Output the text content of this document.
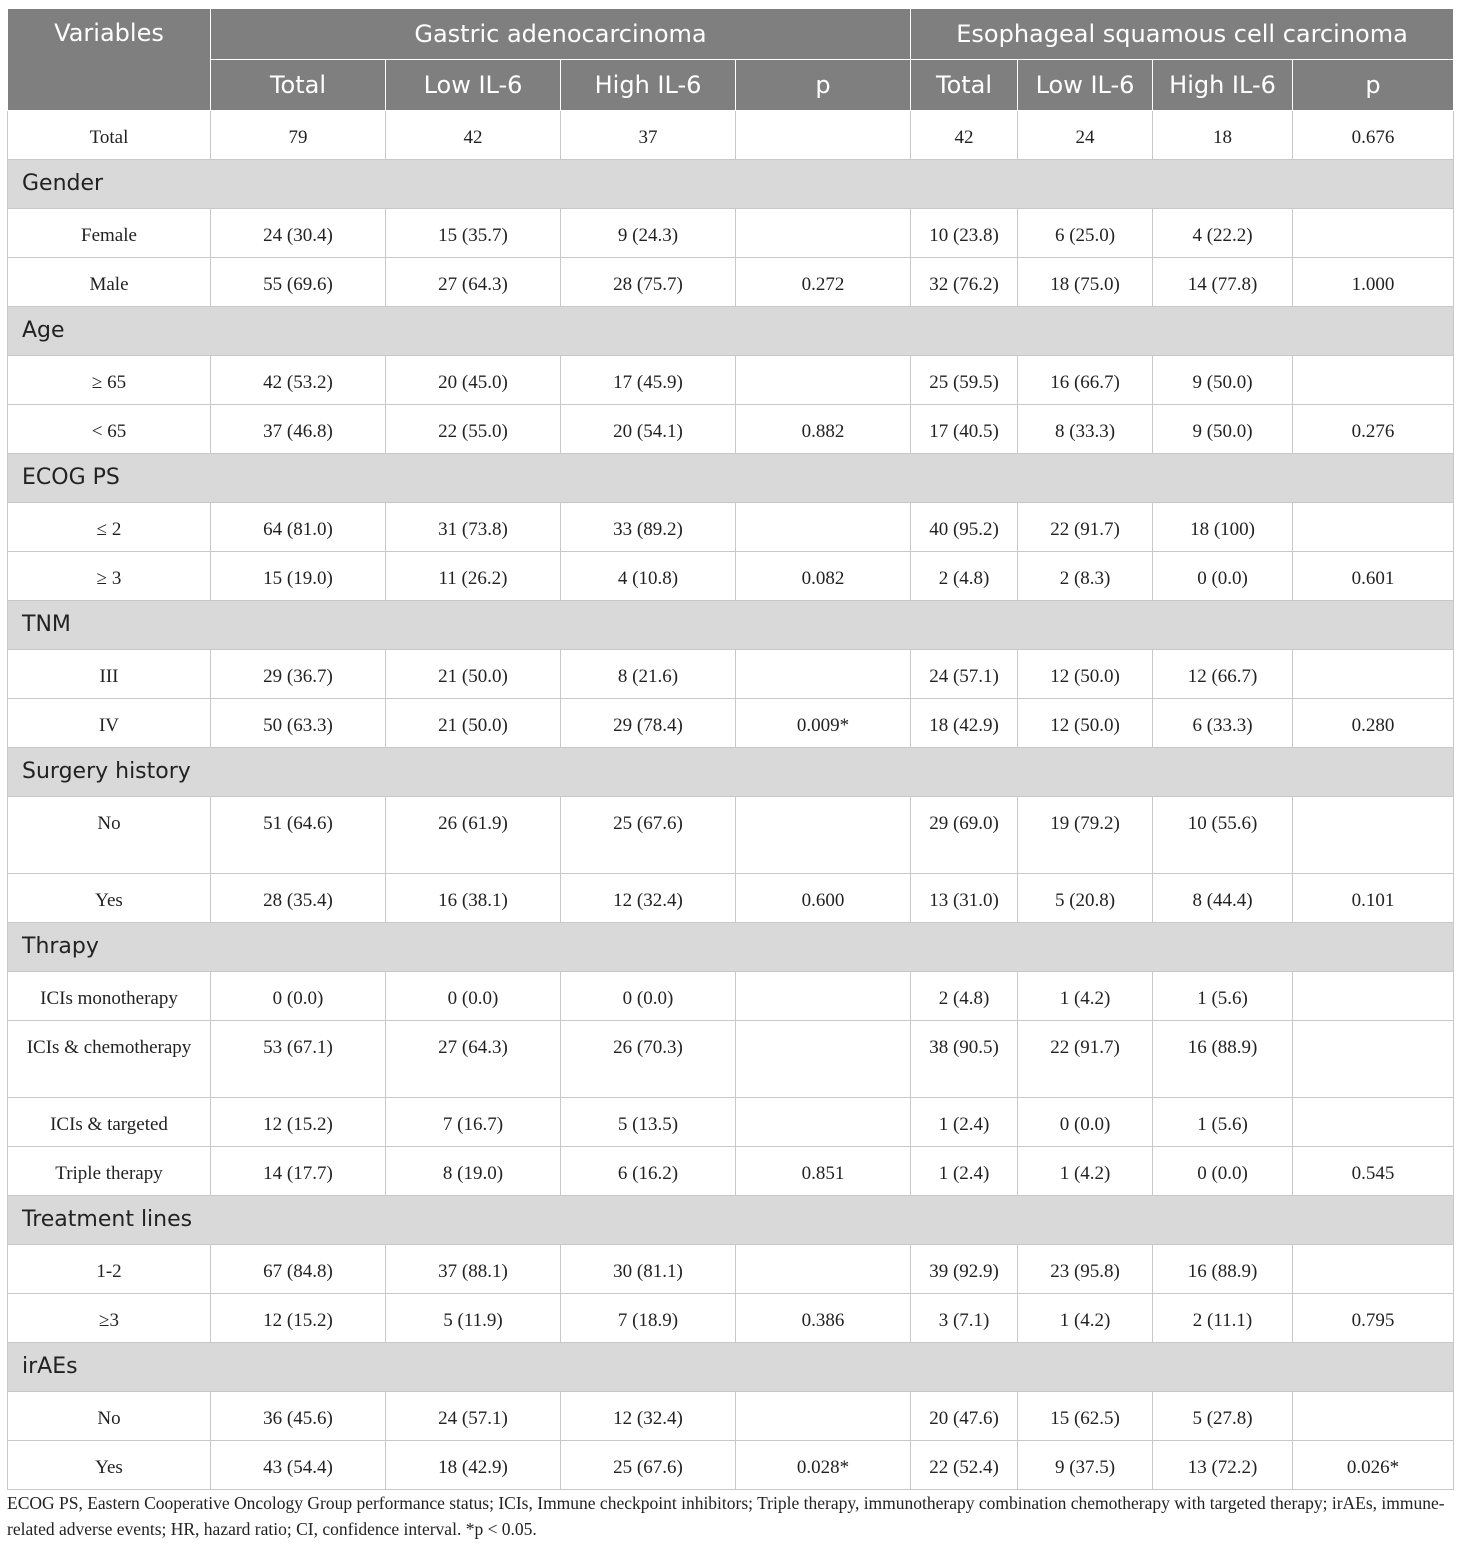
Variables	Gastric adenocarcinoma				Esophageal squamous cell carcinoma			
	Total	Low IL-6	High IL-6	p	Total	Low IL-6	High IL-6	p
Total	79	42	37		42	24	18	0.676
Gender								
Female	24 (30.4)	15 (35.7)	9 (24.3)		10 (23.8)	6 (25.0)	4 (22.2)	
Male	55 (69.6)	27 (64.3)	28 (75.7)	0.272	32 (76.2)	18 (75.0)	14 (77.8)	1.000
Age								
≥ 65	42 (53.2)	20 (45.0)	17 (45.9)		25 (59.5)	16 (66.7)	9 (50.0)	
< 65	37 (46.8)	22 (55.0)	20 (54.1)	0.882	17 (40.5)	8 (33.3)	9 (50.0)	0.276
ECOG PS								
≤ 2	64 (81.0)	31 (73.8)	33 (89.2)		40 (95.2)	22 (91.7)	18 (100)	
≥ 3	15 (19.0)	11 (26.2)	4 (10.8)	0.082	2 (4.8)	2 (8.3)	0 (0.0)	0.601
TNM								
III	29 (36.7)	21 (50.0)	8 (21.6)		24 (57.1)	12 (50.0)	12 (66.7)	
IV	50 (63.3)	21 (50.0)	29 (78.4)	0.009*	18 (42.9)	12 (50.0)	6 (33.3)	0.280
Surgery history								
No	51 (64.6)	26 (61.9)	25 (67.6)		29 (69.0)	19 (79.2)	10 (55.6)	
Yes	28 (35.4)	16 (38.1)	12 (32.4)	0.600	13 (31.0)	5 (20.8)	8 (44.4)	0.101
Thrapy								
ICIs monotherapy	0 (0.0)	0 (0.0)	0 (0.0)		2 (4.8)	1 (4.2)	1 (5.6)	
ICIs & chemotherapy	53 (67.1)	27 (64.3)	26 (70.3)		38 (90.5)	22 (91.7)	16 (88.9)	
ICIs & targeted	12 (15.2)	7 (16.7)	5 (13.5)		1 (2.4)	0 (0.0)	1 (5.6)	
Triple therapy	14 (17.7)	8 (19.0)	6 (16.2)	0.851	1 (2.4)	1 (4.2)	0 (0.0)	0.545
Treatment lines								
1-2	67 (84.8)	37 (88.1)	30 (81.1)		39 (92.9)	23 (95.8)	16 (88.9)	
≥3	12 (15.2)	5 (11.9)	7 (18.9)	0.386	3 (7.1)	1 (4.2)	2 (11.1)	0.795
irAEs								
No	36 (45.6)	24 (57.1)	12 (32.4)		20 (47.6)	15 (62.5)	5 (27.8)	
Yes	43 (54.4)	18 (42.9)	25 (67.6)	0.028*	22 (52.4)	9 (37.5)	13 (72.2)	0.026*
ECOG PS, Eastern Cooperative Oncology Group performance status; ICIs, Immune checkpoint inhibitors; Triple therapy, immunotherapy combination chemotherapy with targeted therapy; irAEs, immune-related adverse events; HR, hazard ratio; CI, confidence interval. *p < 0.05.
